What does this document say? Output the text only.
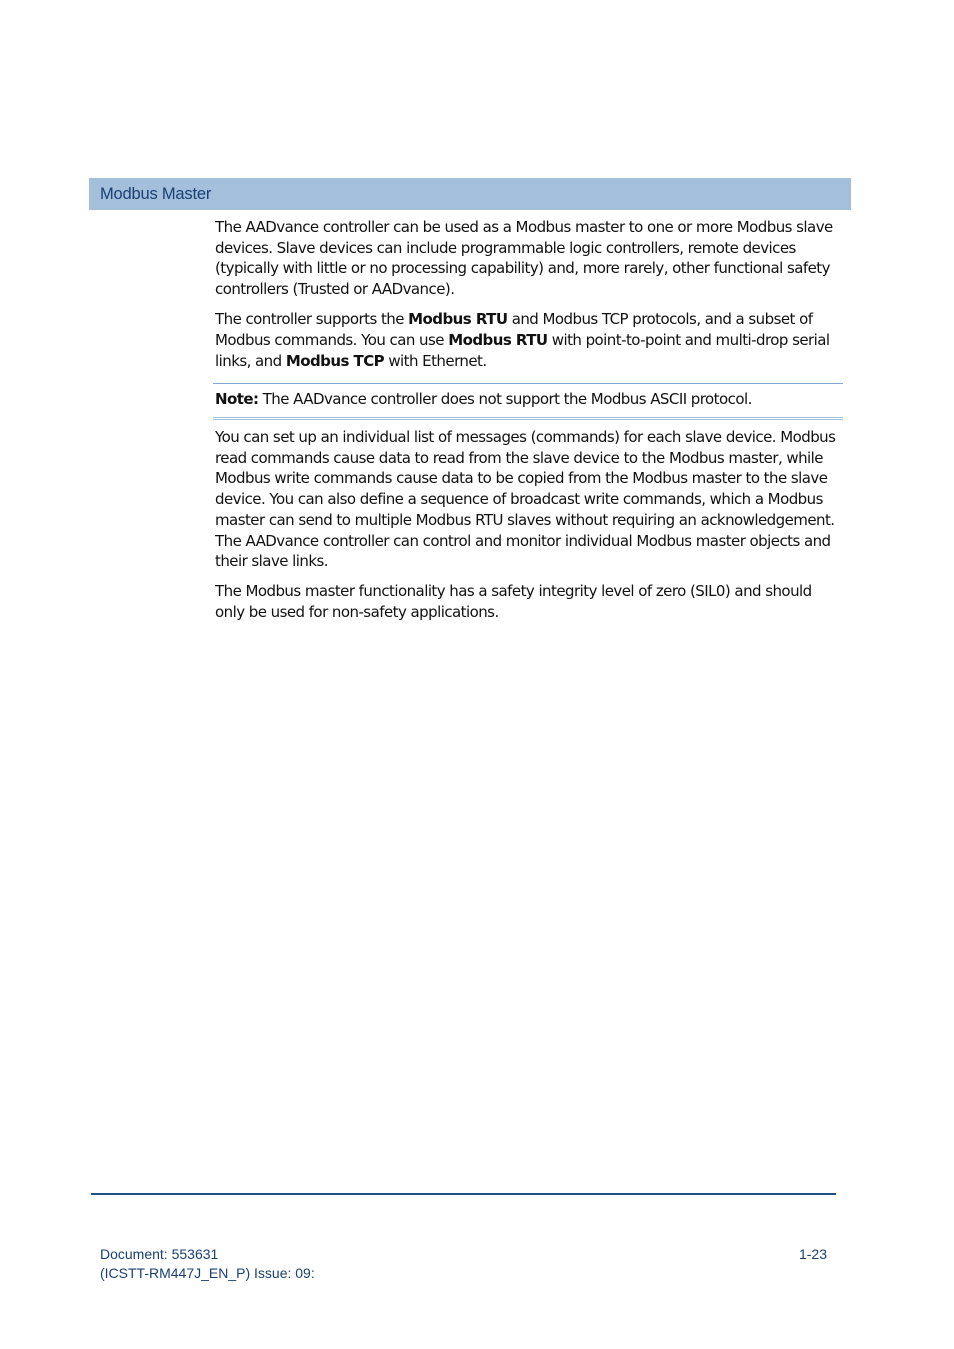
Modbus Master

The AADvance controller can be used as a Modbus master to one or more Modbus slave devices. Slave devices can include programmable logic controllers, remote devices (typically with little or no processing capability) and, more rarely, other functional safety controllers (Trusted or AADvance).

The controller supports the Modbus RTU and Modbus TCP protocols, and a subset of Modbus commands. You can use Modbus RTU with point-to-point and multi-drop serial links, and Modbus TCP with Ethernet.

Note: The AADvance controller does not support the Modbus ASCII protocol.

You can set up an individual list of messages (commands) for each slave device. Modbus read commands cause data to read from the slave device to the Modbus master, while Modbus write commands cause data to be copied from the Modbus master to the slave device. You can also define a sequence of broadcast write commands, which a Modbus master can send to multiple Modbus RTU slaves without requiring an acknowledgement. The AADvance controller can control and monitor individual Modbus master objects and their slave links.

The Modbus master functionality has a safety integrity level of zero (SIL0) and should only be used for non-safety applications.

Document: 553631
(ICSTT-RM447J_EN_P) Issue: 09:
1-23
